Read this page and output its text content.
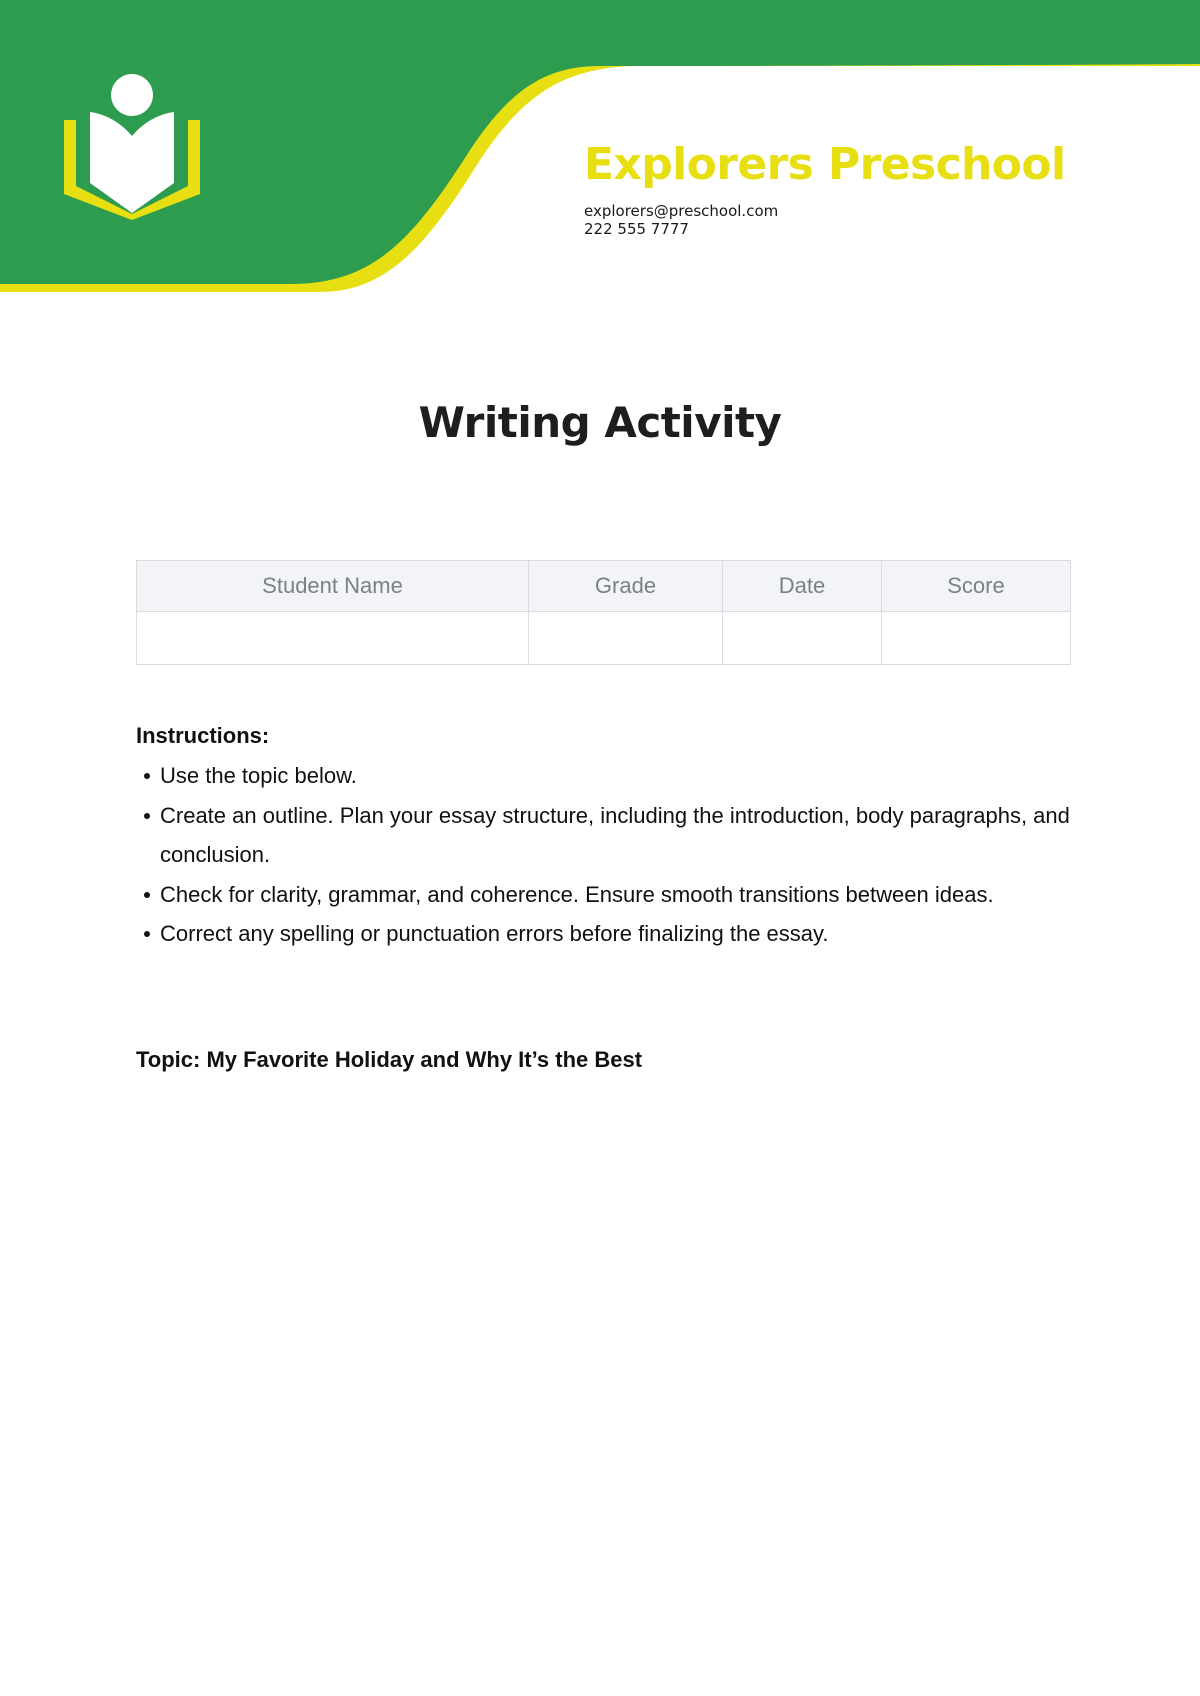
Explorers Preschool
explorers@preschool.com
222 555 7777
Writing Activity
Student Name	Grade	Date	Score

Instructions:
Use the topic below.
Create an outline. Plan your essay structure, including the introduction, body paragraphs, and conclusion.
Check for clarity, grammar, and coherence. Ensure smooth transitions between ideas.
Correct any spelling or punctuation errors before finalizing the essay.
Topic: My Favorite Holiday and Why It’s the Best
